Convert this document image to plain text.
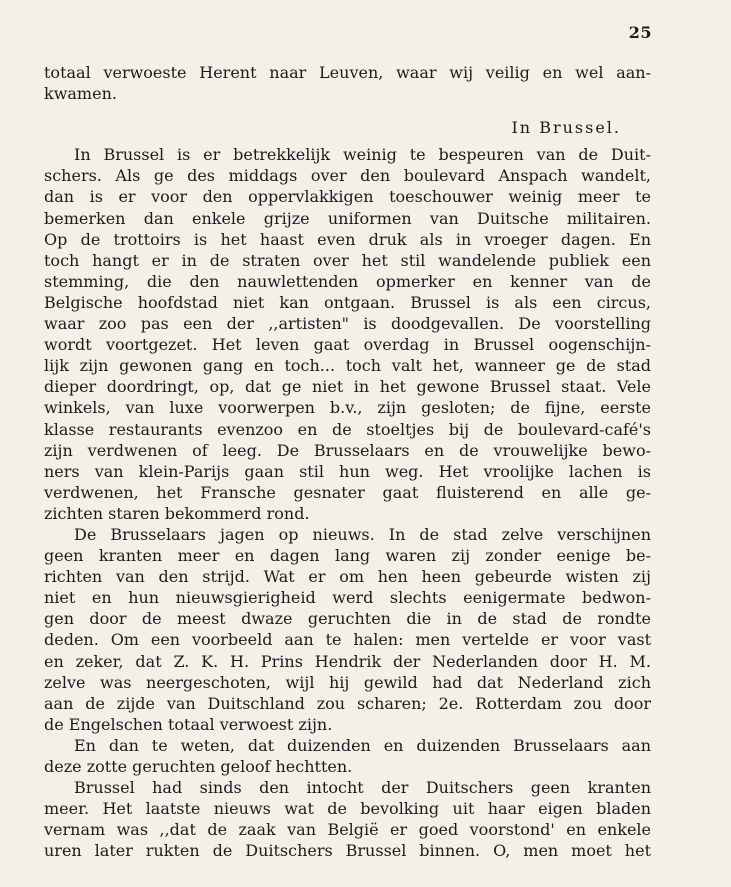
25
totaal verwoeste Herent naar Leuven, waar wij veilig en wel aan-
kwamen.
In Brussel.
In Brussel is er betrekkelijk weinig te bespeuren van de Duit-
schers. Als ge des middags over den boulevard Anspach wandelt,
dan is er voor den oppervlakkigen toeschouwer weinig meer te
bemerken dan enkele grijze uniformen van Duitsche militairen.
Op de trottoirs is het haast even druk als in vroeger dagen. En
toch hangt er in de straten over het stil wandelende publiek een
stemming, die den nauwlettenden opmerker en kenner van de
Belgische hoofdstad niet kan ontgaan. Brussel is als een circus,
waar zoo pas een der ,,artisten" is doodgevallen. De voorstelling
wordt voortgezet. Het leven gaat overdag in Brussel oogenschijn-
lijk zijn gewonen gang en toch... toch valt het, wanneer ge de stad
dieper doordringt, op, dat ge niet in het gewone Brussel staat. Vele
winkels, van luxe voorwerpen b.v., zijn gesloten; de fijne, eerste
klasse restaurants evenzoo en de stoeltjes bij de boulevard-café's
zijn verdwenen of leeg. De Brusselaars en de vrouwelijke bewo-
ners van klein-Parijs gaan stil hun weg. Het vroolijke lachen is
verdwenen, het Fransche gesnater gaat fluisterend en alle ge-
zichten staren bekommerd rond.
De Brusselaars jagen op nieuws. In de stad zelve verschijnen
geen kranten meer en dagen lang waren zij zonder eenige be-
richten van den strijd. Wat er om hen heen gebeurde wisten zij
niet en hun nieuwsgierigheid werd slechts eenigermate bedwon-
gen door de meest dwaze geruchten die in de stad de rondte
deden. Om een voorbeeld aan te halen: men vertelde er voor vast
en zeker, dat Z. K. H. Prins Hendrik der Nederlanden door H. M.
zelve was neergeschoten, wijl hij gewild had dat Nederland zich
aan de zijde van Duitschland zou scharen; 2e. Rotterdam zou door
de Engelschen totaal verwoest zijn.
En dan te weten, dat duizenden en duizenden Brusselaars aan
deze zotte geruchten geloof hechtten.
Brussel had sinds den intocht der Duitschers geen kranten
meer. Het laatste nieuws wat de bevolking uit haar eigen bladen
vernam was ,,dat de zaak van België er goed voorstond' en enkele
uren later rukten de Duitschers Brussel binnen. O, men moet het
